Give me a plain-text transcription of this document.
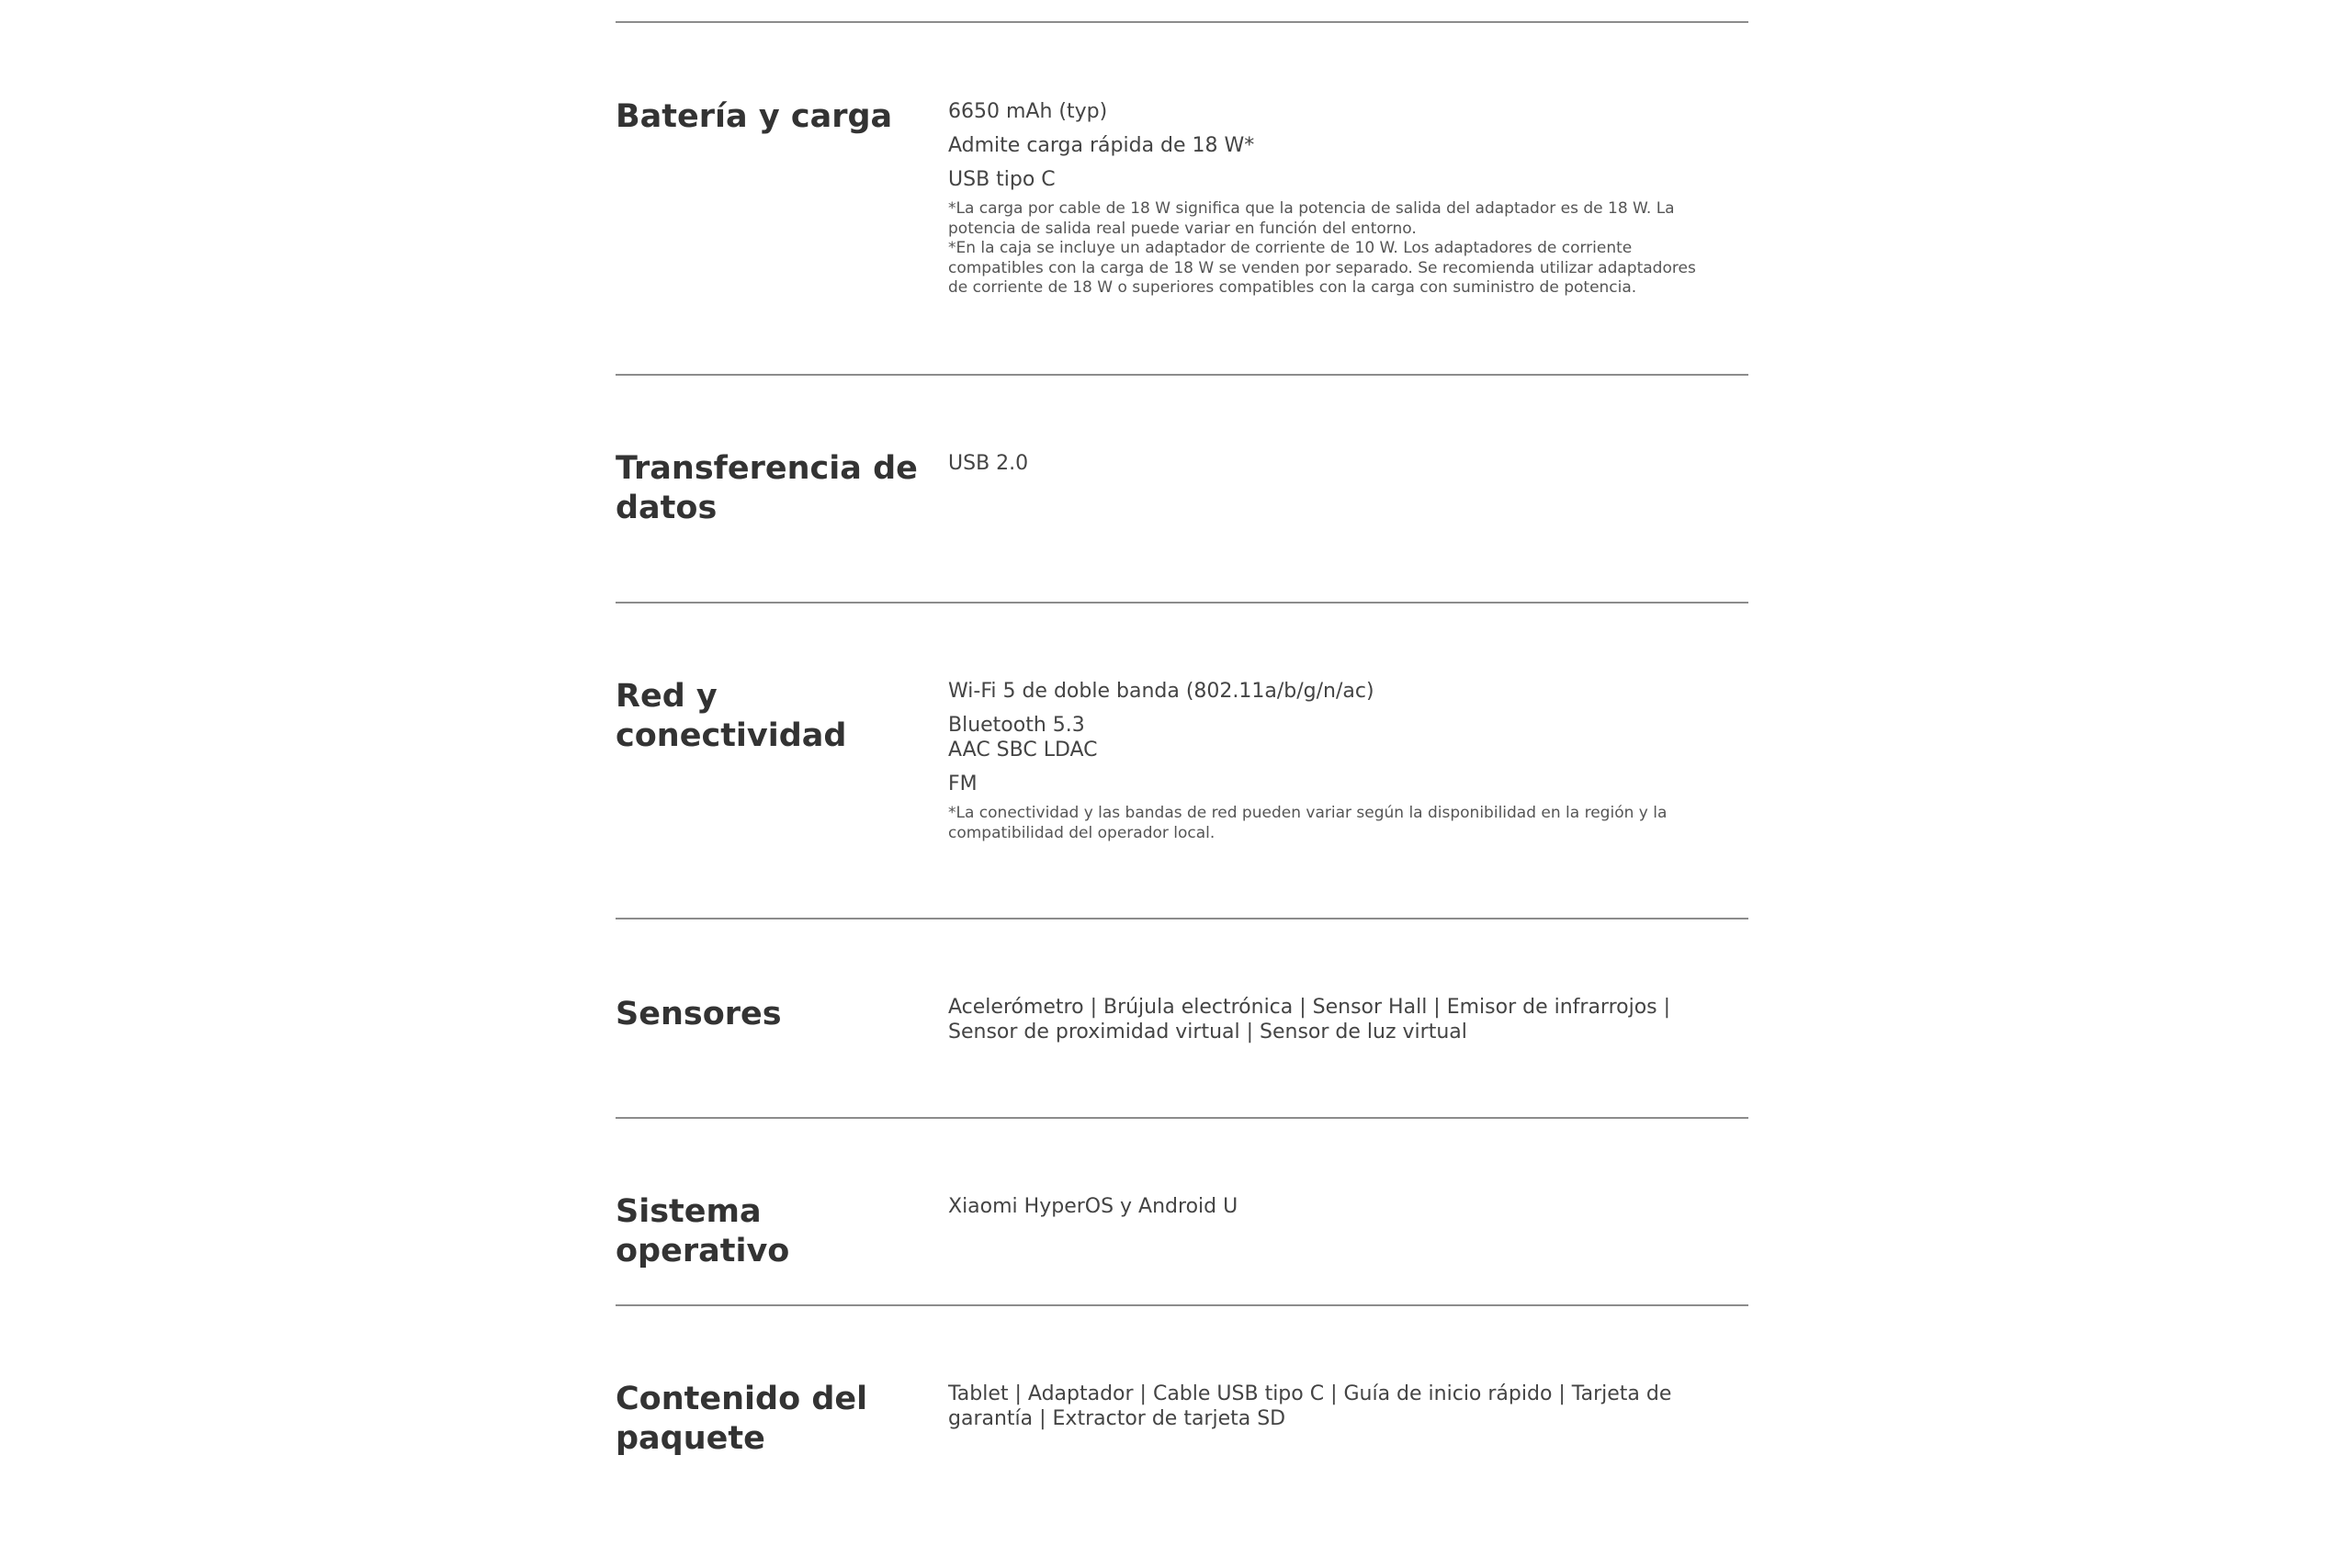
Batería y carga	6650 mAh (typ)
Admite carga rápida de 18 W*
USB tipo C
*La carga por cable de 18 W significa que la potencia de salida del adaptador es de 18 W. La potencia de salida real puede variar en función del entorno.
*En la caja se incluye un adaptador de corriente de 10 W. Los adaptadores de corriente compatibles con la carga de 18 W se venden por separado. Se recomienda utilizar adaptadores de corriente de 18 W o superiores compatibles con la carga con suministro de potencia.
Transferencia de datos
USB 2.0
Red y conectividad
Wi-Fi 5 de doble banda (802.11a/b/g/n/ac)
Bluetooth 5.3
AAC SBC LDAC
FM
*La conectividad y las bandas de red pueden variar según la disponibilidad en la región y la compatibilidad del operador local.
Sensores	Acelerómetro | Brújula electrónica | Sensor Hall | Emisor de infrarrojos | Sensor de proximidad virtual | Sensor de luz virtual
Sistema operativo
Xiaomi HyperOS y Android U
Contenido del paquete
Tablet | Adaptador | Cable USB tipo C | Guía de inicio rápido | Tarjeta de garantía | Extractor de tarjeta SD
